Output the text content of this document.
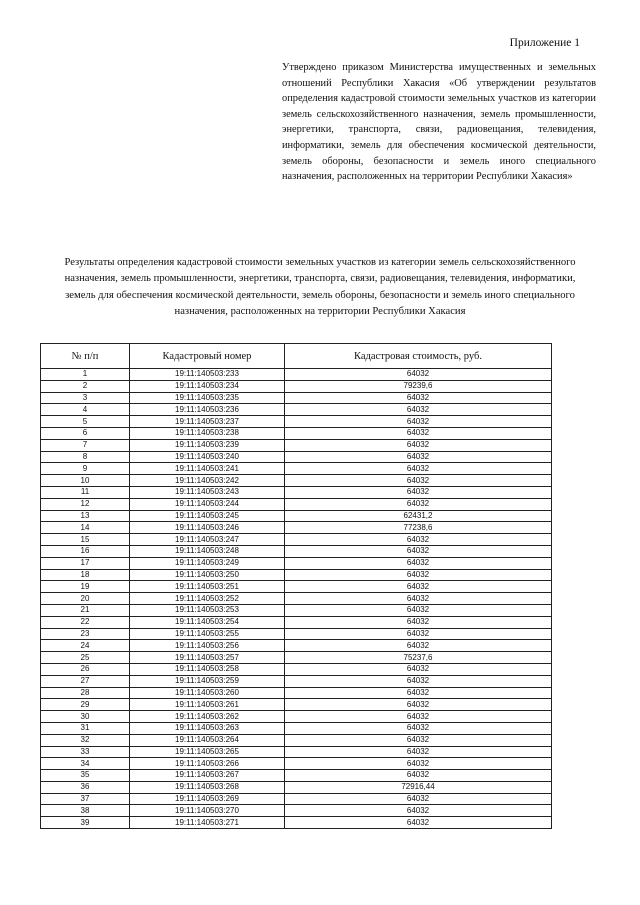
Приложение 1
Утверждено приказом Министерства имущественных и земельных отношений Республики Хакасия «Об утверждении результатов определения кадастровой стоимости земельных участков из категории земель сельскохозяйственного назначения, земель промышленности, энергетики, транспорта, связи, радиовещания, телевидения, информатики, земель для обеспечения космической деятельности, земель обороны, безопасности и земель иного специального назначения, расположенных на территории Республики Хакасия»
Результаты определения кадастровой стоимости земельных участков из категории земель сельскохозяйственного назначения, земель промышленности, энергетики, транспорта, связи, радиовещания, телевидения, информатики, земель для обеспечения космической деятельности, земель обороны, безопасности и земель иного специального назначения, расположенных на территории Республики Хакасия
№ п/п	Кадастровый номер	Кадастровая стоимость, руб.
1	19:11:140503:233	64032
2	19:11:140503:234	79239,6
3	19:11:140503:235	64032
4	19:11:140503:236	64032
5	19:11:140503:237	64032
6	19:11:140503:238	64032
7	19:11:140503:239	64032
8	19:11:140503:240	64032
9	19:11:140503:241	64032
10	19:11:140503:242	64032
11	19:11:140503:243	64032
12	19:11:140503:244	64032
13	19:11:140503:245	62431,2
14	19:11:140503:246	77238,6
15	19:11:140503:247	64032
16	19:11:140503:248	64032
17	19:11:140503:249	64032
18	19:11:140503:250	64032
19	19:11:140503:251	64032
20	19:11:140503:252	64032
21	19:11:140503:253	64032
22	19:11:140503:254	64032
23	19:11:140503:255	64032
24	19:11:140503:256	64032
25	19:11:140503:257	75237,6
26	19:11:140503:258	64032
27	19:11:140503:259	64032
28	19:11:140503:260	64032
29	19:11:140503:261	64032
30	19:11:140503:262	64032
31	19:11:140503:263	64032
32	19:11:140503:264	64032
33	19:11:140503:265	64032
34	19:11:140503:266	64032
35	19:11:140503:267	64032
36	19:11:140503:268	72916,44
37	19:11:140503:269	64032
38	19:11:140503:270	64032
39	19:11:140503:271	64032
